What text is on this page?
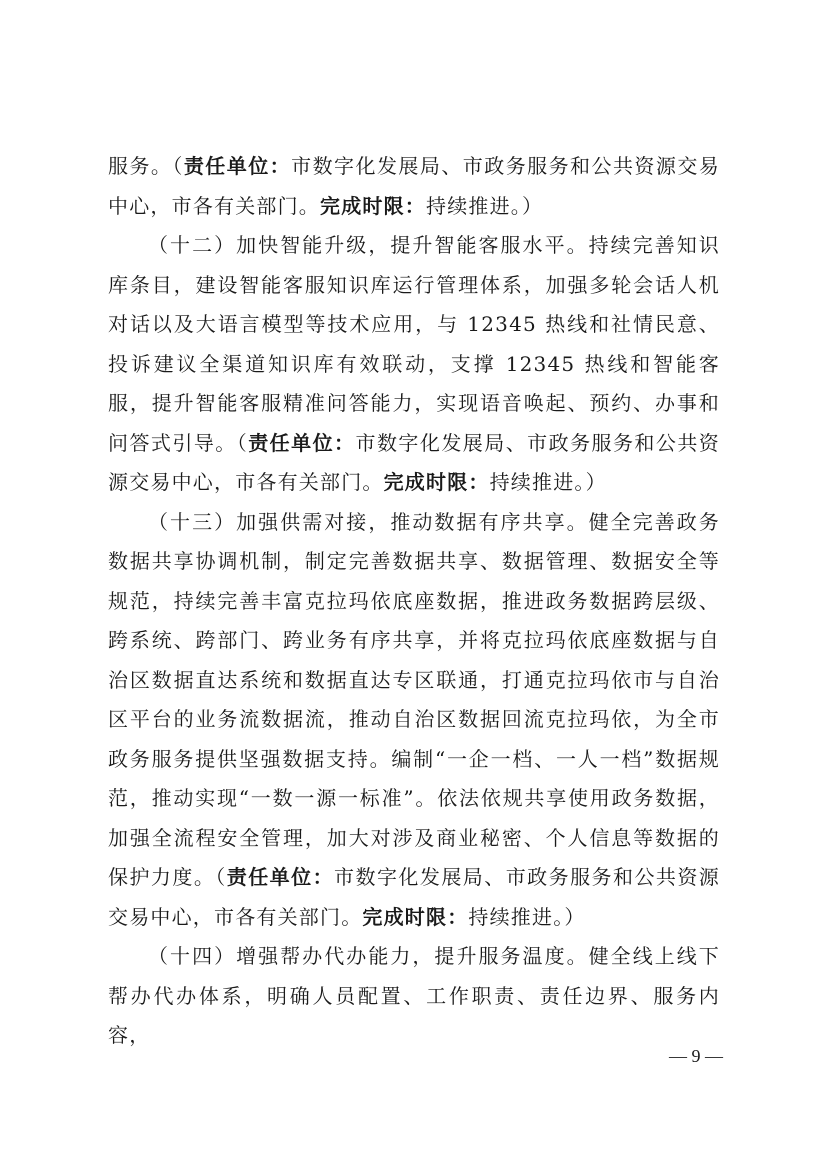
服务。（责任单位：市数字化发展局、市政务服务和公共资源交易中心，市各有关部门。完成时限：持续推进。）

（十二）加快智能升级，提升智能客服水平。持续完善知识库条目，建设智能客服知识库运行管理体系，加强多轮会话人机对话以及大语言模型等技术应用，与 12345 热线和社情民意、投诉建议全渠道知识库有效联动，支撑 12345 热线和智能客服，提升智能客服精准问答能力，实现语音唤起、预约、办事和问答式引导。（责任单位：市数字化发展局、市政务服务和公共资源交易中心，市各有关部门。完成时限：持续推进。）

（十三）加强供需对接，推动数据有序共享。健全完善政务数据共享协调机制，制定完善数据共享、数据管理、数据安全等规范，持续完善丰富克拉玛依底座数据，推进政务数据跨层级、跨系统、跨部门、跨业务有序共享，并将克拉玛依底座数据与自治区数据直达系统和数据直达专区联通，打通克拉玛依市与自治区平台的业务流数据流，推动自治区数据回流克拉玛依，为全市政务服务提供坚强数据支持。编制“一企一档、一人一档”数据规范，推动实现“一数一源一标准”。依法依规共享使用政务数据，加强全流程安全管理，加大对涉及商业秘密、个人信息等数据的保护力度。（责任单位：市数字化发展局、市政务服务和公共资源交易中心，市各有关部门。完成时限：持续推进。）

（十四）增强帮办代办能力，提升服务温度。健全线上线下帮办代办体系，明确人员配置、工作职责、责任边界、服务内容，

— 9 —
